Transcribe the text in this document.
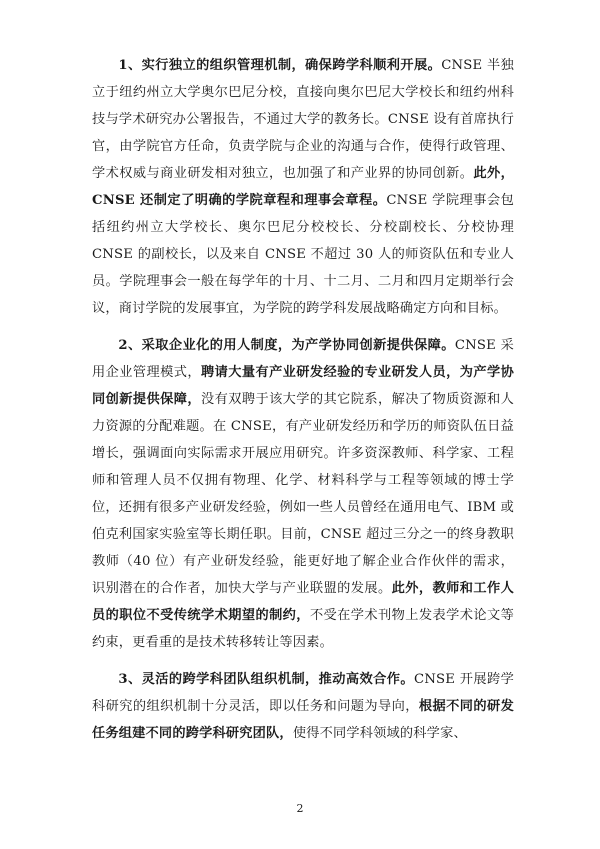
1、实行独立的组织管理机制，确保跨学科顺利开展。CNSE 半独立于纽约州立大学奥尔巴尼分校，直接向奥尔巴尼大学校长和纽约州科技与学术研究办公署报告，不通过大学的教务长。CNSE 设有首席执行官，由学院官方任命，负责学院与企业的沟通与合作，使得行政管理、学术权威与商业研发相对独立，也加强了和产业界的协同创新。此外，CNSE 还制定了明确的学院章程和理事会章程。CNSE 学院理事会包括纽约州立大学校长、奥尔巴尼分校校长、分校副校长、分校协理 CNSE 的副校长，以及来自 CNSE 不超过 30 人的师资队伍和专业人员。学院理事会一般在每学年的十月、十二月、二月和四月定期举行会议，商讨学院的发展事宜，为学院的跨学科发展战略确定方向和目标。

2、采取企业化的用人制度，为产学协同创新提供保障。CNSE 采用企业管理模式，聘请大量有产业研发经验的专业研发人员，为产学协同创新提供保障，没有双聘于该大学的其它院系，解决了物质资源和人力资源的分配难题。在 CNSE，有产业研发经历和学历的师资队伍日益增长，强调面向实际需求开展应用研究。许多资深教师、科学家、工程师和管理人员不仅拥有物理、化学、材料科学与工程等领域的博士学位，还拥有很多产业研发经验，例如一些人员曾经在通用电气、IBM 或伯克利国家实验室等长期任职。目前，CNSE 超过三分之一的终身教职教师（40 位）有产业研发经验，能更好地了解企业合作伙伴的需求，识别潜在的合作者，加快大学与产业联盟的发展。此外，教师和工作人员的职位不受传统学术期望的制约，不受在学术刊物上发表学术论文等约束，更看重的是技术转移转让等因素。

3、灵活的跨学科团队组织机制，推动高效合作。CNSE 开展跨学科研究的组织机制十分灵活，即以任务和问题为导向，根据不同的研发任务组建不同的跨学科研究团队，使得不同学科领域的科学家、

2
